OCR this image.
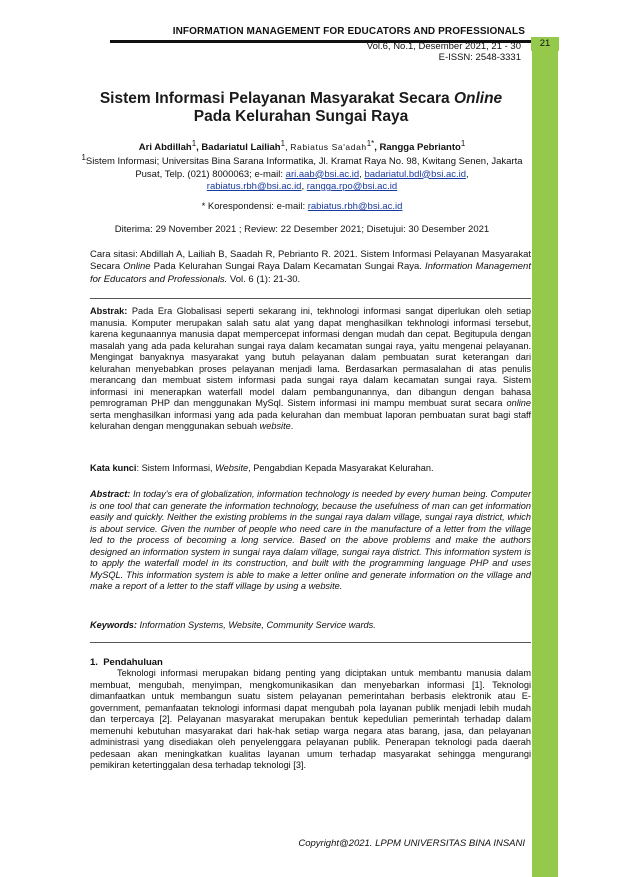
INFORMATION MANAGEMENT FOR EDUCATORS AND PROFESSIONALS
21
Vol.6, No.1, Desember 2021, 21 - 30
E-ISSN: 2548-3331
Sistem Informasi Pelayanan Masyarakat Secara Online
Pada Kelurahan Sungai Raya
Ari Abdillah$^1$, Badariatul Lailiah$^1$, Rabiatus Sa'adah$^{1*}$, Rangga Pebrianto$^1$
$^1$Sistem Informasi; Universitas Bina Sarana Informatika, Jl. Kramat Raya No. 98, Kwitang Senen, Jakarta Pusat, Telp. (021) 8000063; e-mail: ari.aab@bsi.ac.id, badariatul.bdl@bsi.ac.id,
rabiatus.rbh@bsi.ac.id, rangga.rpo@bsi.ac.id
* Korespondensi: e-mail: rabiatus.rbh@bsi.ac.id
Diterima: 29 November 2021 ; Review: 22 Desember 2021; Disetujui: 30 Desember 2021
Cara sitasi: Abdillah A, Lailiah B, Saadah R, Pebrianto R. 2021. Sistem Informasi Pelayanan Masyarakat Secara Online Pada Kelurahan Sungai Raya Dalam Kecamatan Sungai Raya. Information Management for Educators and Professionals. Vol. 6 (1): 21-30.
Abstrak: Pada Era Globalisasi seperti sekarang ini, tekhnologi informasi sangat diperlukan oleh setiap manusia. Komputer merupakan salah satu alat yang dapat menghasilkan tekhnologi informasi tersebut, karena kegunaannya manusia dapat mempercepat informasi dengan mudah dan cepat. Begitupula dengan masalah yang ada pada kelurahan sungai raya dalam kecamatan sungai raya, yaitu mengenai pelayanan. Mengingat banyaknya masyarakat yang butuh pelayanan dalam pembuatan surat keterangan dari kelurahan menyebabkan proses pelayanan menjadi lama. Berdasarkan permasalahan di atas penulis merancang dan membuat sistem informasi pada sungai raya dalam kecamatan sungai raya. Sistem informasi ini menerapkan waterfall model dalam pembangunannya, dan dibangun dengan bahasa pemrograman PHP dan menggunakan MySql. Sistem informasi ini mampu membuat surat secara online serta menghasilkan informasi yang ada pada kelurahan dan membuat laporan pembuatan surat bagi staff kelurahan dengan menggunakan sebuah website.
Kata kunci: Sistem Informasi, Website, Pengabdian Kepada Masyarakat Kelurahan.
Abstract: In today's era of globalization, information technology is needed by every human being. Computer is one tool that can generate the information technology, because the usefulness of man can get information easily and quickly. Neither the existing problems in the sungai raya dalam village, sungai raya district, which is about service. Given the number of people who need care in the manufacture of a letter from the village led to the process of becoming a long service. Based on the above problems and make the authors designed an information system in sungai raya dalam village, sungai raya district. This information system is to apply the waterfall model in its construction, and built with the programming language PHP and uses MySQL. This information system is able to make a letter online and generate information on the village and make a report of a letter to the staff village by using a website.
Keywords: Information Systems, Website, Community Service wards.
1. Pendahuluan
Teknologi informasi merupakan bidang penting yang diciptakan untuk membantu manusia dalam membuat, mengubah, menyimpan, mengkomunikasikan dan menyebarkan informasi [1]. Teknologi dimanfaatkan untuk membangun suatu sistem pelayanan pemerintahan berbasis elektronik atau E-government, pemanfaatan teknologi informasi dapat mengubah pola layanan publik menjadi lebih mudah dan terpercaya [2]. Pelayanan masyarakat merupakan bentuk kepedulian pemerintah terhadap dalam memenuhi kebutuhan masyarakat dari hak-hak setiap warga negara atas barang, jasa, dan pelayanan administrasi yang disediakan oleh penyelenggara pelayanan publik. Penerapan teknologi pada daerah pedesaan akan meningkatkan kualitas layanan umum terhadap masyarakat sehingga mengurangi pemikiran ketertinggalan desa terhadap teknologi [3].
Copyright@2021. LPPM UNIVERSITAS BINA INSANI
